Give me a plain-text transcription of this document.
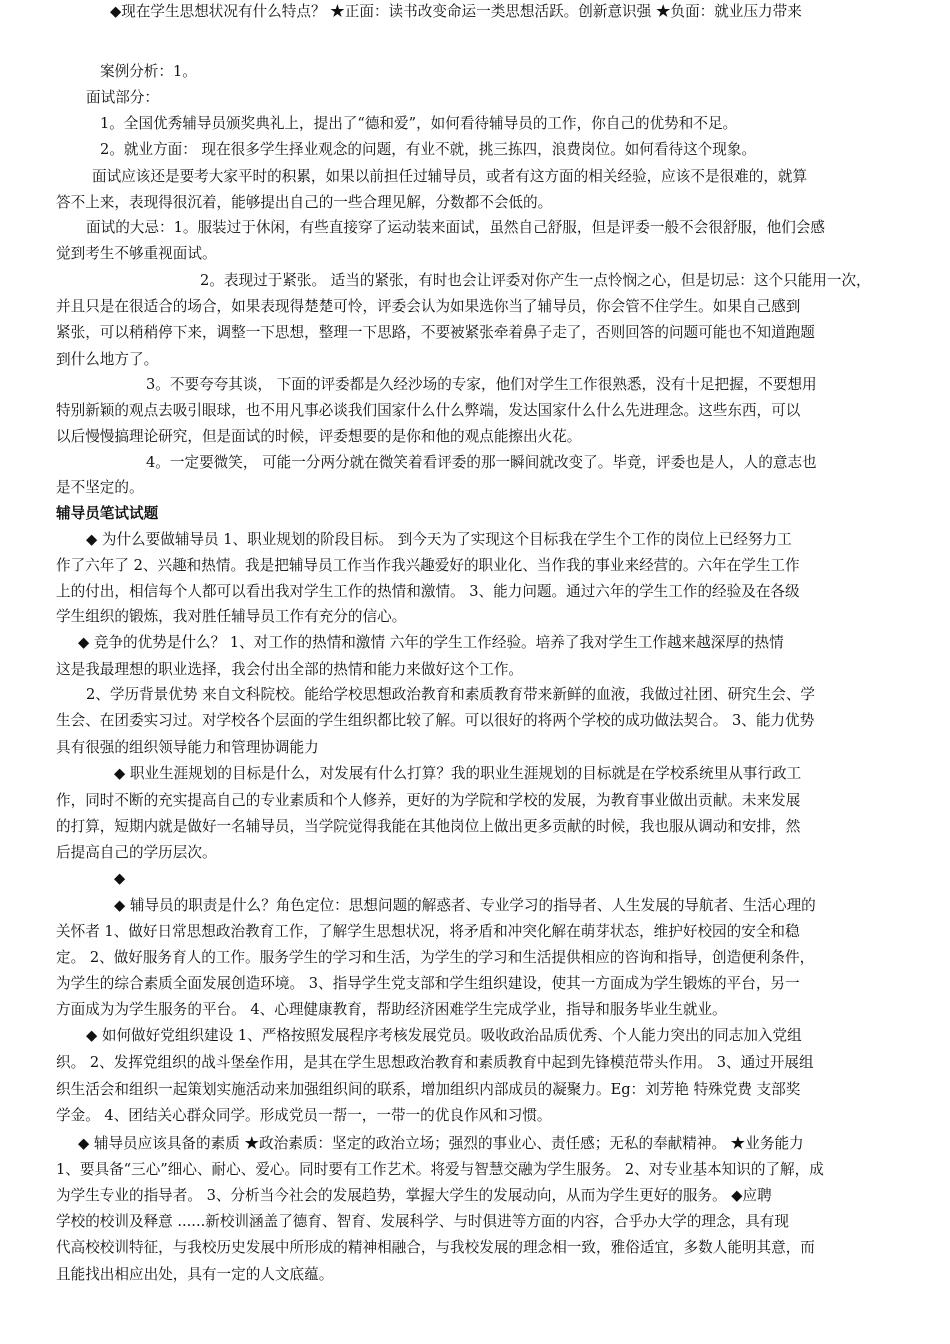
案例分析：1。
面试部分：
1。全国优秀辅导员颁奖典礼上，提出了“德和爱”，如何看待辅导员的工作，你自己的优势和不足。
2。就业方面： 现在很多学生择业观念的问题，有业不就，挑三拣四，浪费岗位。如何看待这个现象。
面试应该还是要考大家平时的积累，如果以前担任过辅导员，或者有这方面的相关经验，应该不是很难的，就算
答不上来，表现得很沉着，能够提出自己的一些合理见解，分数都不会低的。
面试的大忌：1。服装过于休闲，有些直接穿了运动装来面试，虽然自己舒服，但是评委一般不会很舒服，他们会感
觉到考生不够重视面试。
2。表现过于紧张。 适当的紧张，有时也会让评委对你产生一点怜悯之心，但是切忌：这个只能用一次，
并且只是在很适合的场合，如果表现得楚楚可怜，评委会认为如果选你当了辅导员，你会管不住学生。如果自己感到
紧张，可以稍稍停下来，调整一下思想，整理一下思路，不要被紧张牵着鼻子走了，否则回答的问题可能也不知道跑题
到什么地方了。
3。不要夸夸其谈， 下面的评委都是久经沙场的专家，他们对学生工作很熟悉，没有十足把握，不要想用
特别新颖的观点去吸引眼球，也不用凡事必谈我们国家什么什么弊端，发达国家什么什么先进理念。这些东西，可以
以后慢慢搞理论研究，但是面试的时候，评委想要的是你和他的观点能擦出火花。
4。一定要微笑， 可能一分两分就在微笑着看评委的那一瞬间就改变了。毕竟，评委也是人，人的意志也
是不坚定的。
辅导员笔试试题
◆ 为什么要做辅导员 1、职业规划的阶段目标。 到今天为了实现这个目标我在学生个工作的岗位上已经努力工
作了六年了 2、兴趣和热情。我是把辅导员工作当作我兴趣爱好的职业化、当作我的事业来经营的。六年在学生工作
上的付出，相信每个人都可以看出我对学生工作的热情和激情。 3、能力问题。通过六年的学生工作的经验及在各级
学生组织的锻炼，我对胜任辅导员工作有充分的信心。
◆ 竞争的优势是什么？ 1、对工作的热情和激情 六年的学生工作经验。培养了我对学生工作越来越深厚的热情
这是我最理想的职业选择，我会付出全部的热情和能力来做好这个工作。
2、学历背景优势 来自文科院校。能给学校思想政治教育和素质教育带来新鲜的血液，我做过社团、研究生会、学
生会、在团委实习过。对学校各个层面的学生组织都比较了解。可以很好的将两个学校的成功做法契合。 3、能力优势
具有很强的组织领导能力和管理协调能力
◆ 职业生涯规划的目标是什么，对发展有什么打算？我的职业生涯规划的目标就是在学校系统里从事行政工
作，同时不断的充实提高自己的专业素质和个人修养，更好的为学院和学校的发展，为教育事业做出贡献。未来发展
的打算，短期内就是做好一名辅导员，当学院觉得我能在其他岗位上做出更多贡献的时候，我也服从调动和安排，然
后提高自己的学历层次。
◆
◆ 辅导员的职责是什么？角色定位：思想问题的解惑者、专业学习的指导者、人生发展的导航者、生活心理的
关怀者 1、做好日常思想政治教育工作，了解学生思想状况，将矛盾和冲突化解在萌芽状态，维护好校园的安全和稳
定。 2、做好服务育人的工作。服务学生的学习和生活，为学生的学习和生活提供相应的咨询和指导，创造便利条件，
为学生的综合素质全面发展创造环境。 3、指导学生党支部和学生组织建设，使其一方面成为学生锻炼的平台，另一
方面成为为学生服务的平台。 4、心理健康教育，帮助经济困难学生完成学业，指导和服务毕业生就业。
◆ 如何做好党组织建设 1、严格按照发展程序考核发展党员。吸收政治品质优秀、个人能力突出的同志加入党组
织。 2、发挥党组织的战斗堡垒作用，是其在学生思想政治教育和素质教育中起到先锋模范带头作用。 3、通过开展组
织生活会和组织一起策划实施活动来加强组织间的联系，增加组织内部成员的凝聚力。Eg：刘芳艳 特殊党费 支部奖
学金。 4、团结关心群众同学。形成党员一帮一，一带一的优良作风和习惯。
◆ 辅导员应该具备的素质 ★政治素质：坚定的政治立场；强烈的事业心、责任感；无私的奉献精神。 ★业务能力
1、要具备“三心”细心、耐心、爱心。同时要有工作艺术。将爱与智慧交融为学生服务。 2、对专业基本知识的了解，成
为学生专业的指导者。 3、分析当今社会的发展趋势，掌握大学生的发展动向，从而为学生更好的服务。 ◆应聘
学校的校训及释意 ......新校训涵盖了德育、智育、发展科学、与时俱进等方面的内容，合乎办大学的理念，具有现
代高校校训特征，与我校历史发展中所形成的精神相融合，与我校发展的理念相一致，雅俗适宜，多数人能明其意，而
且能找出相应出处，具有一定的人文底蕴。
◆现在学生思想状况有什么特点？ ★正面：读书改变命运一类思想活跃。创新意识强 ★负面：就业压力带来
